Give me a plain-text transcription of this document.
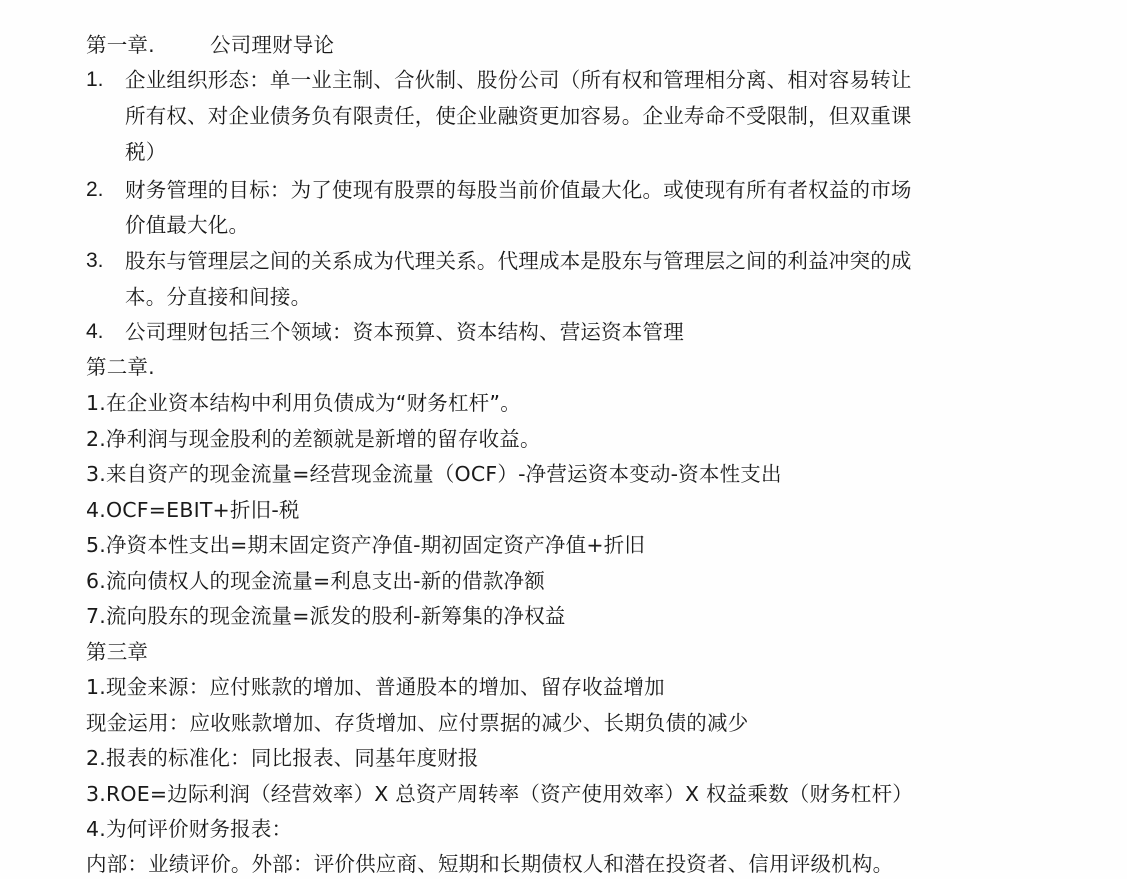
第一章.	公司理财导论
1. 企业组织形态：单一业主制、合伙制、股份公司（所有权和管理相分离、相对容易转让
所有权、对企业债务负有限责任，使企业融资更加容易。企业寿命不受限制，但双重课
税）
2. 财务管理的目标：为了使现有股票的每股当前价值最大化。或使现有所有者权益的市场
价值最大化。
3. 股东与管理层之间的关系成为代理关系。代理成本是股东与管理层之间的利益冲突的成
本。分直接和间接。
4. 公司理财包括三个领域：资本预算、资本结构、营运资本管理
第二章.
1.在企业资本结构中利用负债成为“财务杠杆”。
2.净利润与现金股利的差额就是新增的留存收益。
3.来自资产的现金流量=经营现金流量（OCF）-净营运资本变动-资本性支出
4.OCF=EBIT+折旧-税
5.净资本性支出=期末固定资产净值-期初固定资产净值+折旧
6.流向债权人的现金流量=利息支出-新的借款净额
7.流向股东的现金流量=派发的股利-新筹集的净权益
第三章
1.现金来源：应付账款的增加、普通股本的增加、留存收益增加
现金运用：应收账款增加、存货增加、应付票据的减少、长期负债的减少
2.报表的标准化：同比报表、同基年度财报
3.ROE=边际利润（经营效率）X 总资产周转率（资产使用效率）X 权益乘数（财务杠杆）
4.为何评价财务报表：
内部：业绩评价。外部：评价供应商、短期和长期债权人和潜在投资者、信用评级机构。
